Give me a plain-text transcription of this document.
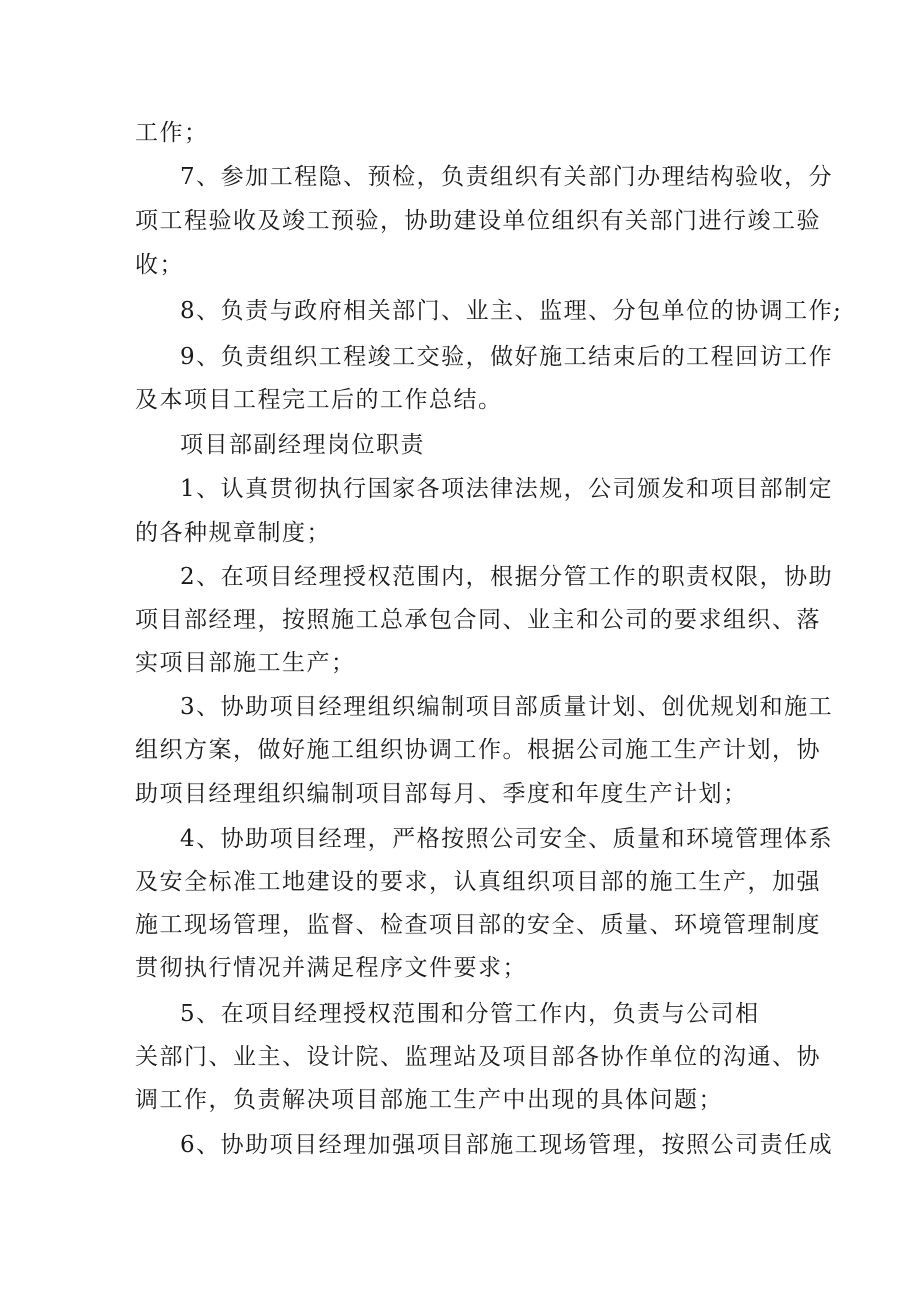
工作；
7、参加工程隐、预检，负责组织有关部门办理结构验收，分
项工程验收及竣工预验，协助建设单位组织有关部门进行竣工验
收；
8、负责与政府相关部门、业主、监理、分包单位的协调工作;
9、负责组织工程竣工交验，做好施工结束后的工程回访工作
及本项目工程完工后的工作总结。
项目部副经理岗位职责
1、认真贯彻执行国家各项法律法规，公司颁发和项目部制定
的各种规章制度；
2、在项目经理授权范围内，根据分管工作的职责权限，协助
项目部经理，按照施工总承包合同、业主和公司的要求组织、落
实项目部施工生产；
3、协助项目经理组织编制项目部质量计划、创优规划和施工
组织方案，做好施工组织协调工作。根据公司施工生产计划，协
助项目经理组织编制项目部每月、季度和年度生产计划；
4、协助项目经理，严格按照公司安全、质量和环境管理体系
及安全标准工地建设的要求，认真组织项目部的施工生产，加强
施工现场管理，监督、检查项目部的安全、质量、环境管理制度
贯彻执行情况并满足程序文件要求；
5、在项目经理授权范围和分管工作内，负责与公司相
关部门、业主、设计院、监理站及项目部各协作单位的沟通、协
调工作，负责解决项目部施工生产中出现的具体问题；
6、协助项目经理加强项目部施工现场管理，按照公司责任成
